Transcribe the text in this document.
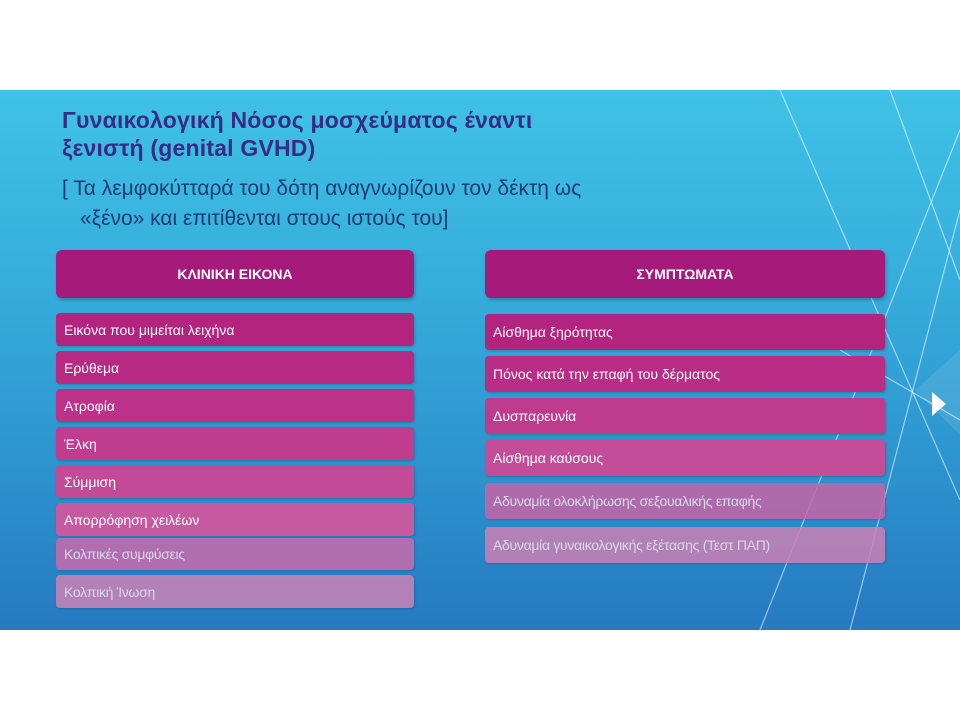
Γυναικολογική Νόσος μοσχεύματος έναντι
ξενιστή (genital GVHD)
[ Τα λεμφοκύτταρά του δότη αναγνωρίζουν τον δέκτη ως
«ξένο» και επιτίθενται στους ιστούς του]
ΚΛΙΝΙΚΗ ΕΙΚΟΝΑ
Εικόνα που μιμείται λειχήνα
Ερύθεμα
Ατροφία
Έλκη
Σύμμιση
Απορρόφηση χειλέων
Κολπικές συμφύσεις
Κολπική Ίνωση
ΣΥΜΠΤΩΜΑΤΑ
Αίσθημα ξηρότητας
Πόνος κατά την επαφή του δέρματος
Δυσπαρευνία
Αίσθημα καύσους
Αδυναμία ολοκλήρωσης σεξουαλικής επαφής
Αδυναμία γυναικολογικής εξέτασης (Τεστ ΠΑΠ)
